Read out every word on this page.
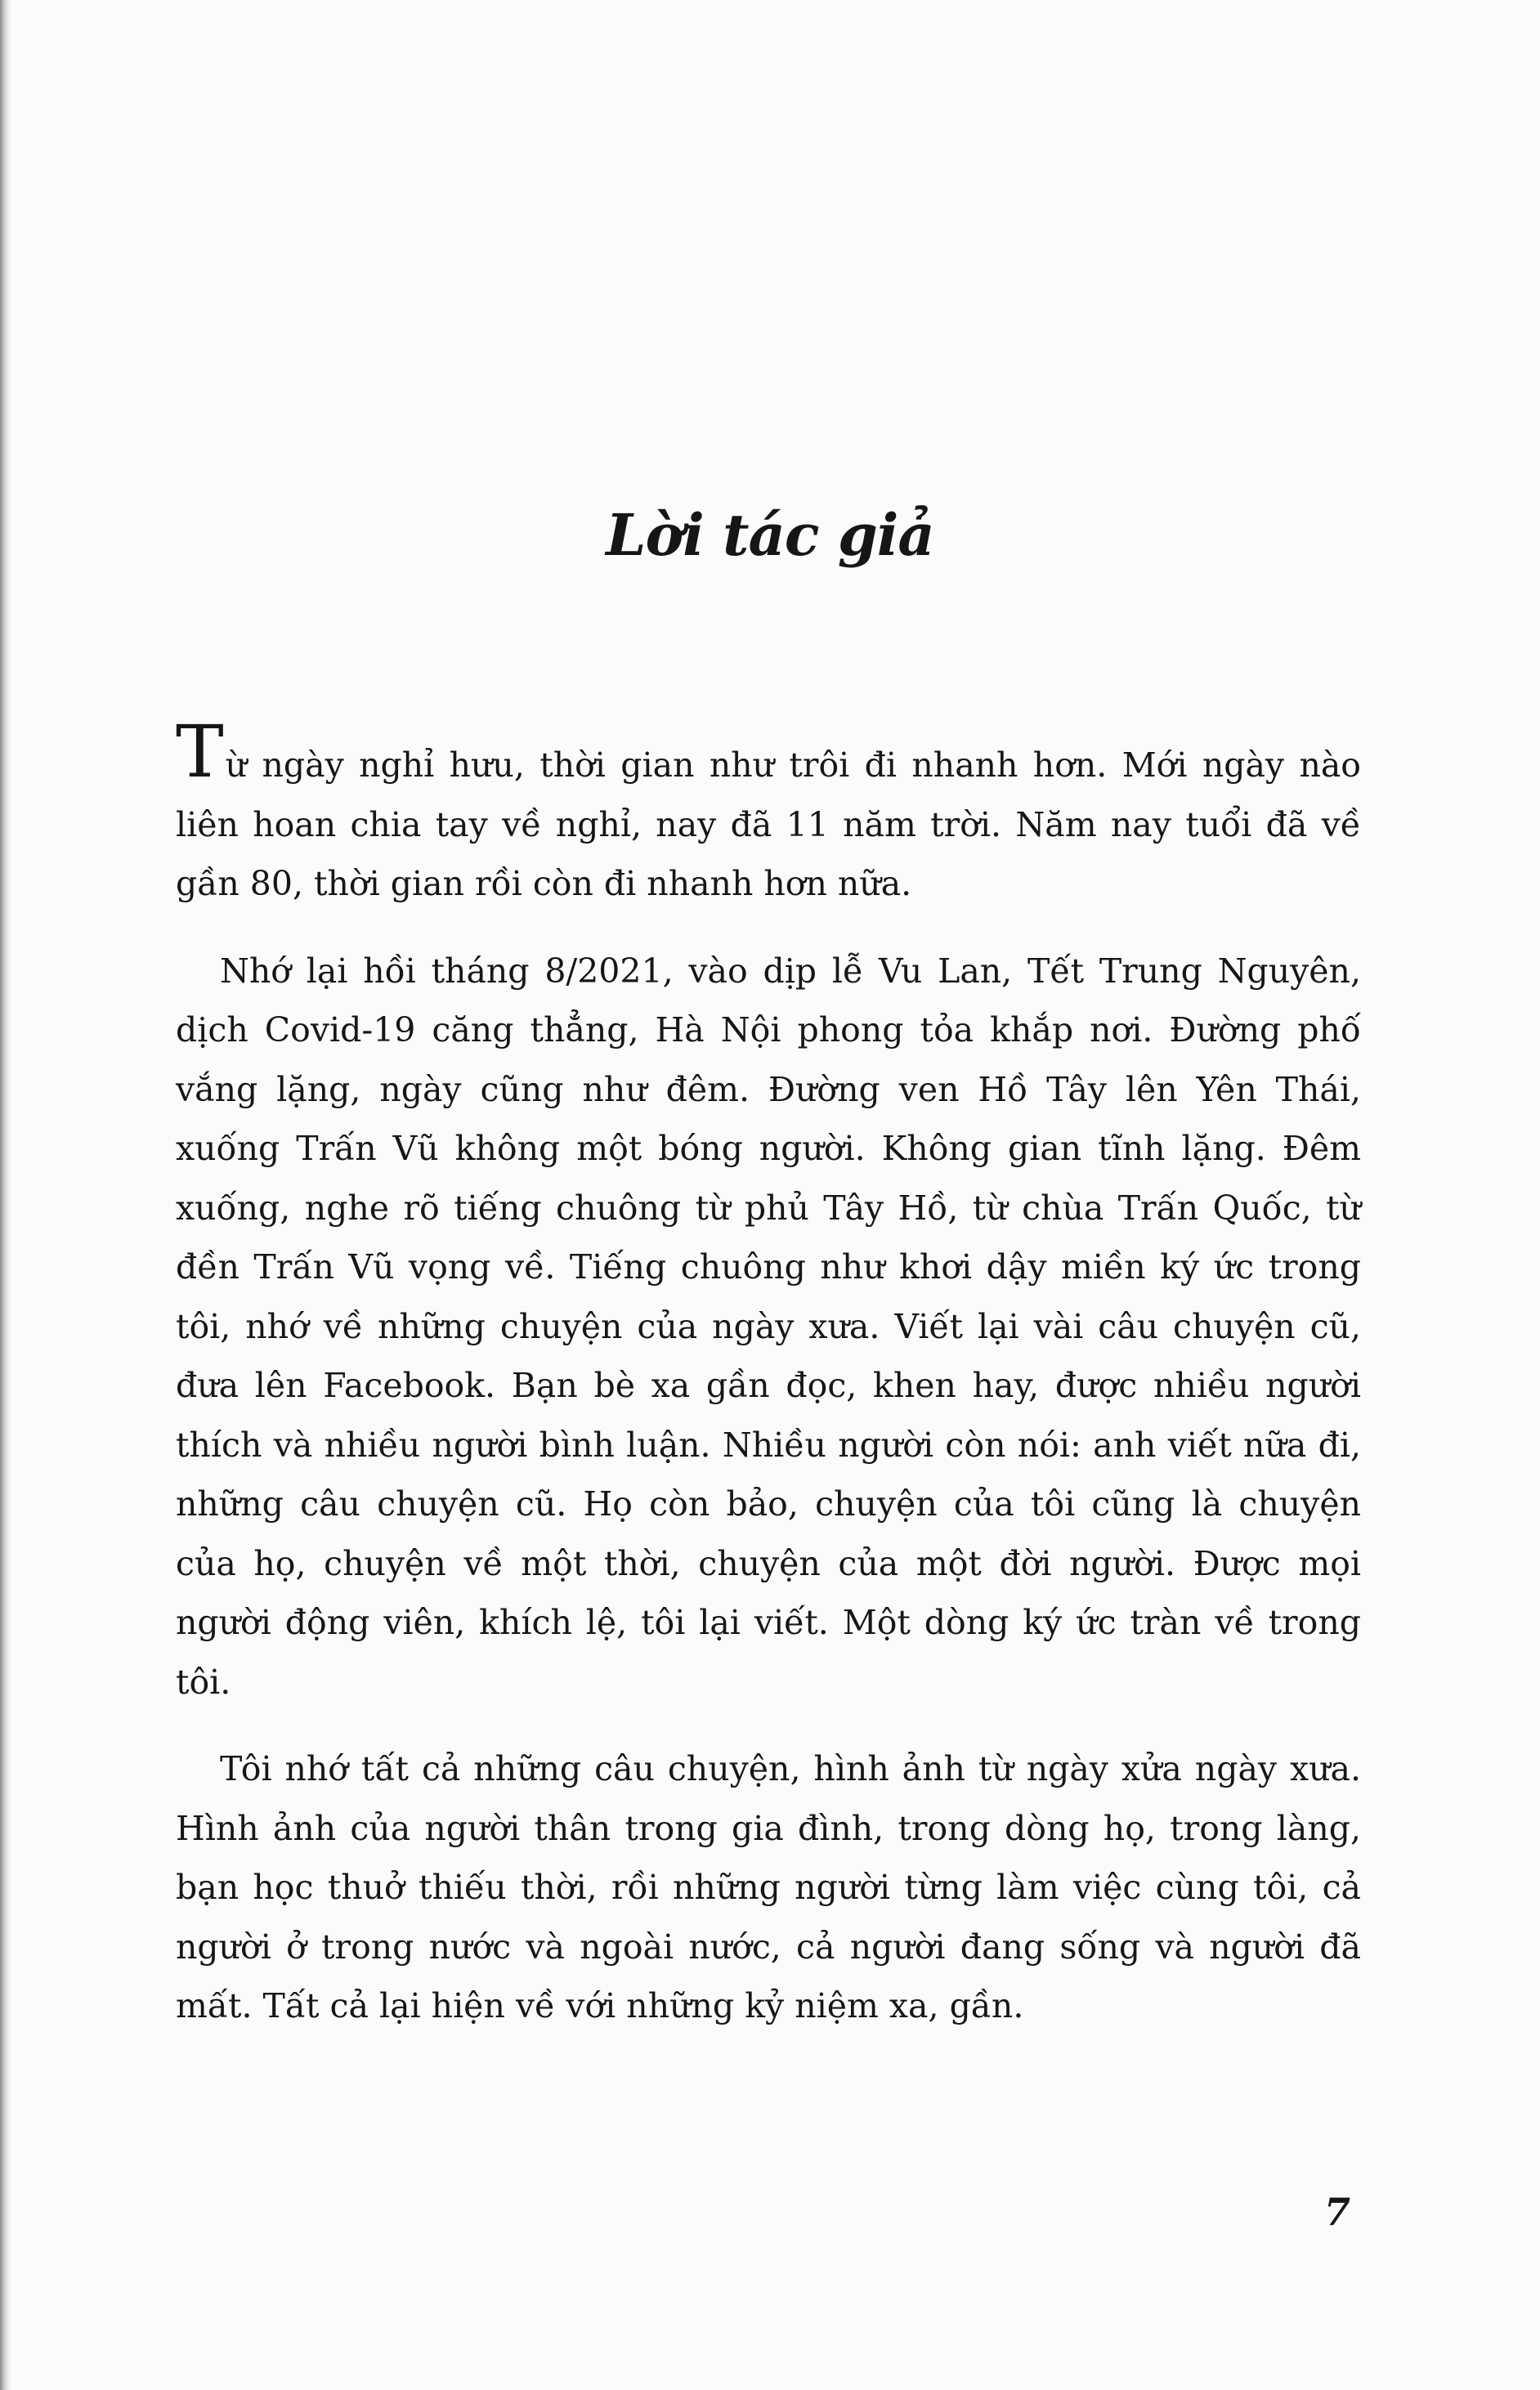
Lời tác giả

Từ ngày nghỉ hưu, thời gian như trôi đi nhanh hơn. Mới ngày nào liên hoan chia tay về nghỉ, nay đã 11 năm trời. Năm nay tuổi đã về gần 80, thời gian rồi còn đi nhanh hơn nữa.

Nhớ lại hồi tháng 8/2021, vào dịp lễ Vu Lan, Tết Trung Nguyên, dịch Covid-19 căng thẳng, Hà Nội phong tỏa khắp nơi. Đường phố vắng lặng, ngày cũng như đêm. Đường ven Hồ Tây lên Yên Thái, xuống Trấn Vũ không một bóng người. Không gian tĩnh lặng. Đêm xuống, nghe rõ tiếng chuông từ phủ Tây Hồ, từ chùa Trấn Quốc, từ đền Trấn Vũ vọng về. Tiếng chuông như khơi dậy miền ký ức trong tôi, nhớ về những chuyện của ngày xưa. Viết lại vài câu chuyện cũ, đưa lên Facebook. Bạn bè xa gần đọc, khen hay, được nhiều người thích và nhiều người bình luận. Nhiều người còn nói: anh viết nữa đi, những câu chuyện cũ. Họ còn bảo, chuyện của tôi cũng là chuyện của họ, chuyện về một thời, chuyện của một đời người. Được mọi người động viên, khích lệ, tôi lại viết. Một dòng ký ức tràn về trong tôi.

Tôi nhớ tất cả những câu chuyện, hình ảnh từ ngày xửa ngày xưa. Hình ảnh của người thân trong gia đình, trong dòng họ, trong làng, bạn học thuở thiếu thời, rồi những người từng làm việc cùng tôi, cả người ở trong nước và ngoài nước, cả người đang sống và người đã mất. Tất cả lại hiện về với những kỷ niệm xa, gần.

7
